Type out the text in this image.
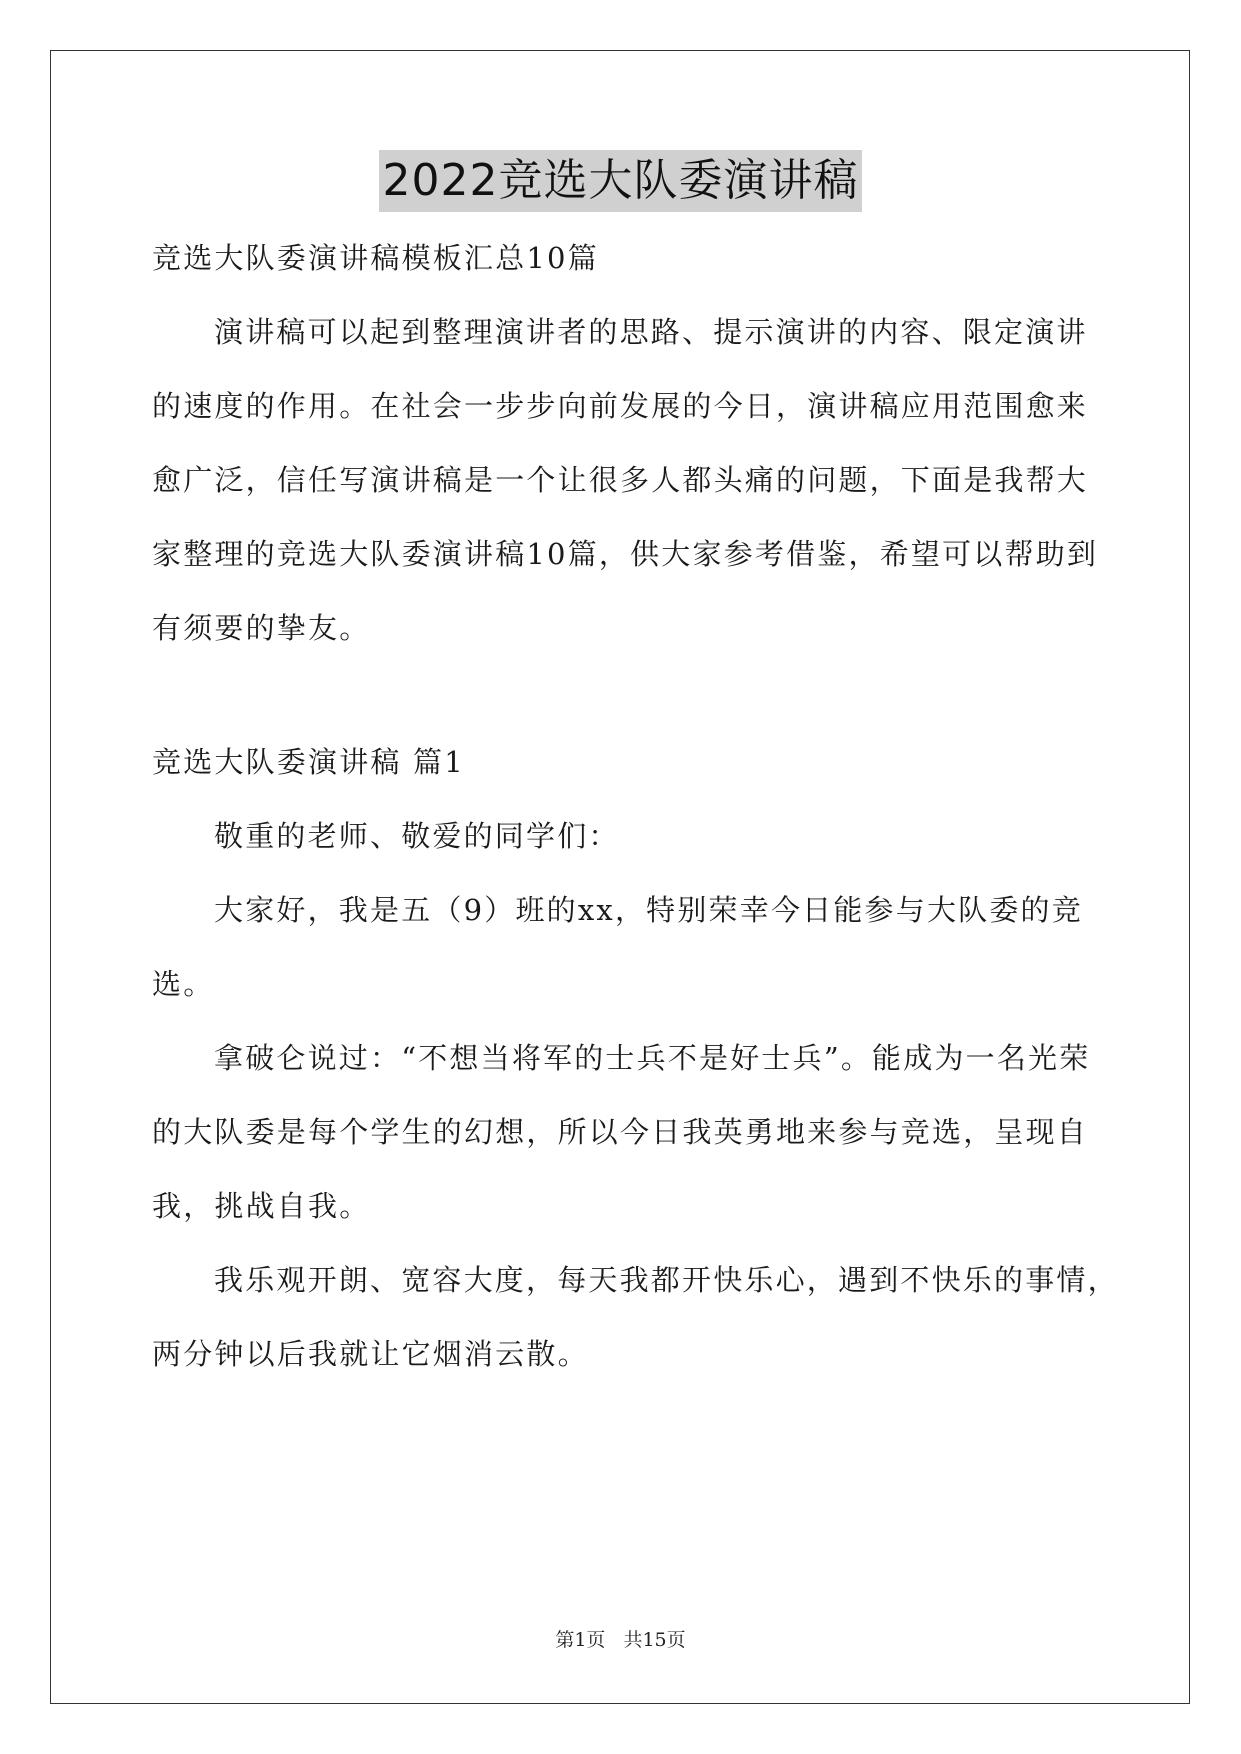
2022竞选大队委演讲稿
竞选大队委演讲稿模板汇总10篇
演讲稿可以起到整理演讲者的思路、提示演讲的内容、限定演讲
的速度的作用。在社会一步步向前发展的今日，演讲稿应用范围愈来
愈广泛，信任写演讲稿是一个让很多人都头痛的问题，下面是我帮大
家整理的竞选大队委演讲稿10篇，供大家参考借鉴，希望可以帮助到
有须要的挚友。
竞选大队委演讲稿 篇1
敬重的老师、敬爱的同学们：
大家好，我是五（9）班的xx，特别荣幸今日能参与大队委的竞
选。
拿破仑说过：“不想当将军的士兵不是好士兵”。能成为一名光荣
的大队委是每个学生的幻想，所以今日我英勇地来参与竞选，呈现自
我，挑战自我。
我乐观开朗、宽容大度，每天我都开快乐心，遇到不快乐的事情，
两分钟以后我就让它烟消云散。
第1页 共15页
